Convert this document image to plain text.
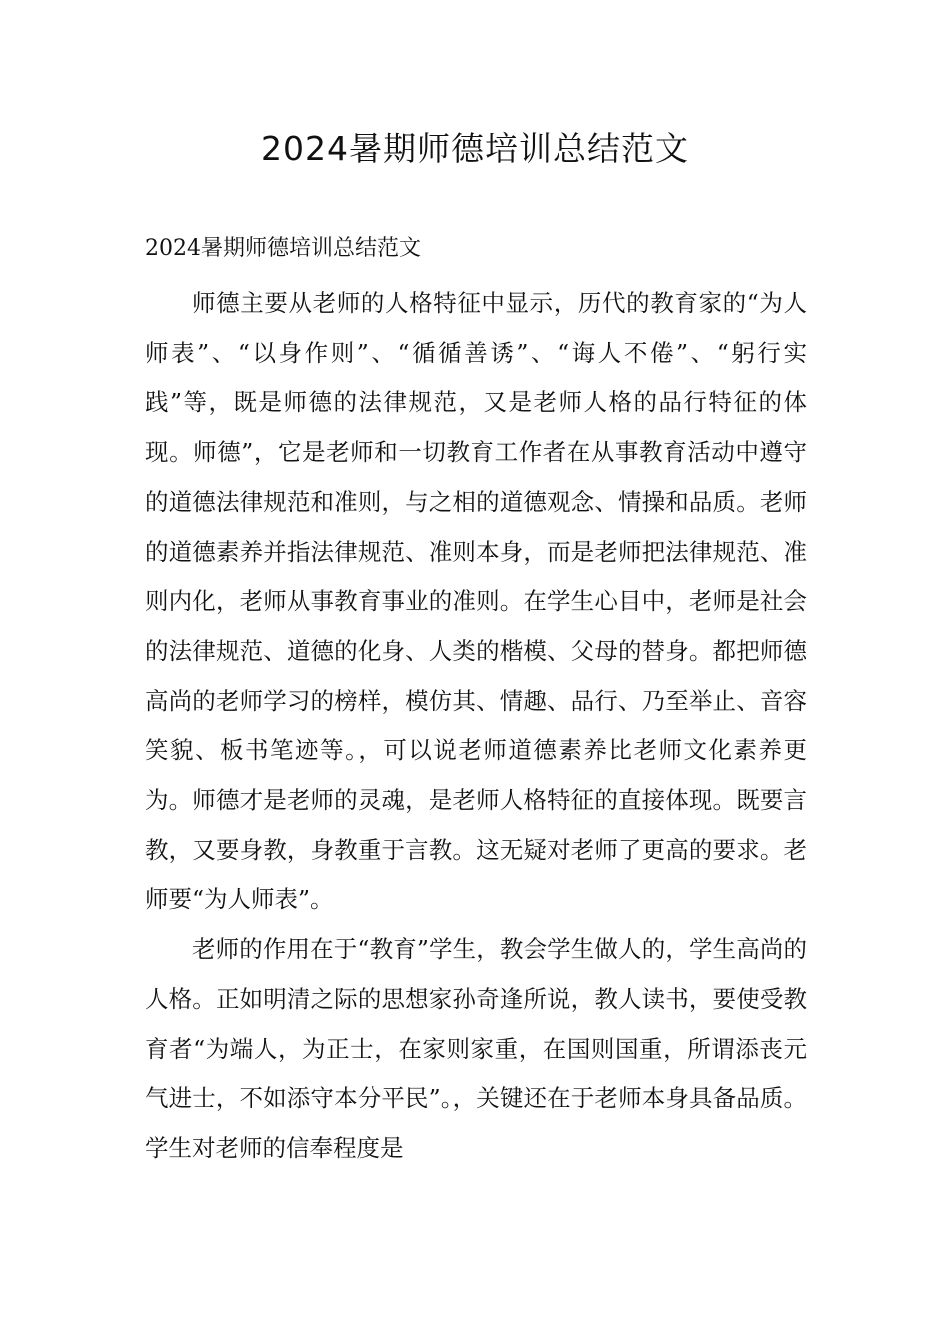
2024暑期师德培训总结范文
2024暑期师德培训总结范文

师德主要从老师的人格特征中显示，历代的教育家的“为人师表”、“以身作则”、“循循善诱”、“诲人不倦”、“躬行实践”等，既是师德的法律规范，又是老师人格的品行特征的体现。师德”，它是老师和一切教育工作者在从事教育活动中遵守的道德法律规范和准则，与之相的道德观念、情操和品质。老师的道德素养并指法律规范、准则本身，而是老师把法律规范、准则内化，老师从事教育事业的准则。在学生心目中，老师是社会的法律规范、道德的化身、人类的楷模、父母的替身。都把师德高尚的老师学习的榜样，模仿其、情趣、品行、乃至举止、音容笑貌、板书笔迹等。，可以说老师道德素养比老师文化素养更为。师德才是老师的灵魂，是老师人格特征的直接体现。既要言教，又要身教，身教重于言教。这无疑对老师了更高的要求。老师要“为人师表”。

老师的作用在于“教育”学生，教会学生做人的，学生高尚的人格。正如明清之际的思想家孙奇逢所说，教人读书，要使受教育者“为端人，为正士，在家则家重，在国则国重，所谓添丧元气进士，不如添守本分平民”。，关键还在于老师本身具备品质。学生对老师的信奉程度是
